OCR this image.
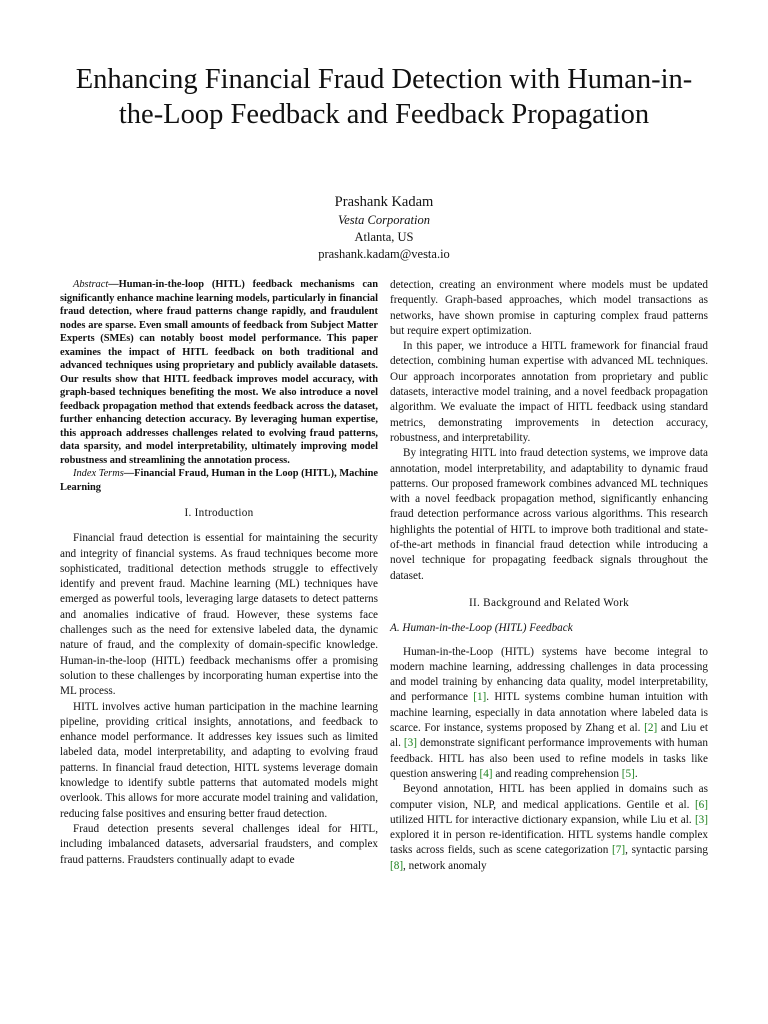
Enhancing Financial Fraud Detection with Human-in-the-Loop Feedback and Feedback Propagation
Prashank Kadam
Vesta Corporation
Atlanta, US
prashank.kadam@vesta.io

Abstract—Human-in-the-loop (HITL) feedback mechanisms can significantly enhance machine learning models, particularly in financial fraud detection, where fraud patterns change rapidly, and fraudulent nodes are sparse. Even small amounts of feedback from Subject Matter Experts (SMEs) can notably boost model performance. This paper examines the impact of HITL feedback on both traditional and advanced techniques using proprietary and publicly available datasets. Our results show that HITL feedback improves model accuracy, with graph-based techniques benefiting the most. We also introduce a novel feedback propagation method that extends feedback across the dataset, further enhancing detection accuracy. By leveraging human expertise, this approach addresses challenges related to evolving fraud patterns, data sparsity, and model interpretability, ultimately improving model robustness and streamlining the annotation process.

Index Terms—Financial Fraud, Human in the Loop (HITL), Machine Learning

I. Introduction

Financial fraud detection is essential for maintaining the security and integrity of financial systems. As fraud techniques become more sophisticated, traditional detection methods struggle to effectively identify and prevent fraud. Machine learning (ML) techniques have emerged as powerful tools, leveraging large datasets to detect patterns and anomalies indicative of fraud. However, these systems face challenges such as the need for extensive labeled data, the dynamic nature of fraud, and the complexity of domain-specific knowledge. Human-in-the-loop (HITL) feedback mechanisms offer a promising solution to these challenges by incorporating human expertise into the ML process.

HITL involves active human participation in the machine learning pipeline, providing critical insights, annotations, and feedback to enhance model performance. It addresses key issues such as limited labeled data, model interpretability, and adapting to evolving fraud patterns. In financial fraud detection, HITL systems leverage domain knowledge to identify subtle patterns that automated models might overlook. This allows for more accurate model training and validation, reducing false positives and ensuring better fraud detection.

Fraud detection presents several challenges ideal for HITL, including imbalanced datasets, adversarial fraudsters, and complex fraud patterns. Fraudsters continually adapt to evade

detection, creating an environment where models must be updated frequently. Graph-based approaches, which model transactions as networks, have shown promise in capturing complex fraud patterns but require expert optimization.

In this paper, we introduce a HITL framework for financial fraud detection, combining human expertise with advanced ML techniques. Our approach incorporates annotation from proprietary and public datasets, interactive model training, and a novel feedback propagation algorithm. We evaluate the impact of HITL feedback using standard metrics, demonstrating improvements in detection accuracy, robustness, and interpretability.

By integrating HITL into fraud detection systems, we improve data annotation, model interpretability, and adaptability to dynamic fraud patterns. Our proposed framework combines advanced ML techniques with a novel feedback propagation method, significantly enhancing fraud detection performance across various algorithms. This research highlights the potential of HITL to improve both traditional and state-of-the-art methods in financial fraud detection while introducing a novel technique for propagating feedback signals throughout the dataset.

II. Background and Related Work
A. Human-in-the-Loop (HITL) Feedback

Human-in-the-Loop (HITL) systems have become integral to modern machine learning, addressing challenges in data processing and model training by enhancing data quality, model interpretability, and performance [1]. HITL systems combine human intuition with machine learning, especially in data annotation where labeled data is scarce. For instance, systems proposed by Zhang et al. [2] and Liu et al. [3] demonstrate significant performance improvements with human feedback. HITL has also been used to refine models in tasks like question answering [4] and reading comprehension [5].

Beyond annotation, HITL has been applied in domains such as computer vision, NLP, and medical applications. Gentile et al. [6] utilized HITL for interactive dictionary expansion, while Liu et al. [3] explored it in person re-identification. HITL systems handle complex tasks across fields, such as scene categorization [7], syntactic parsing [8], network anomaly
